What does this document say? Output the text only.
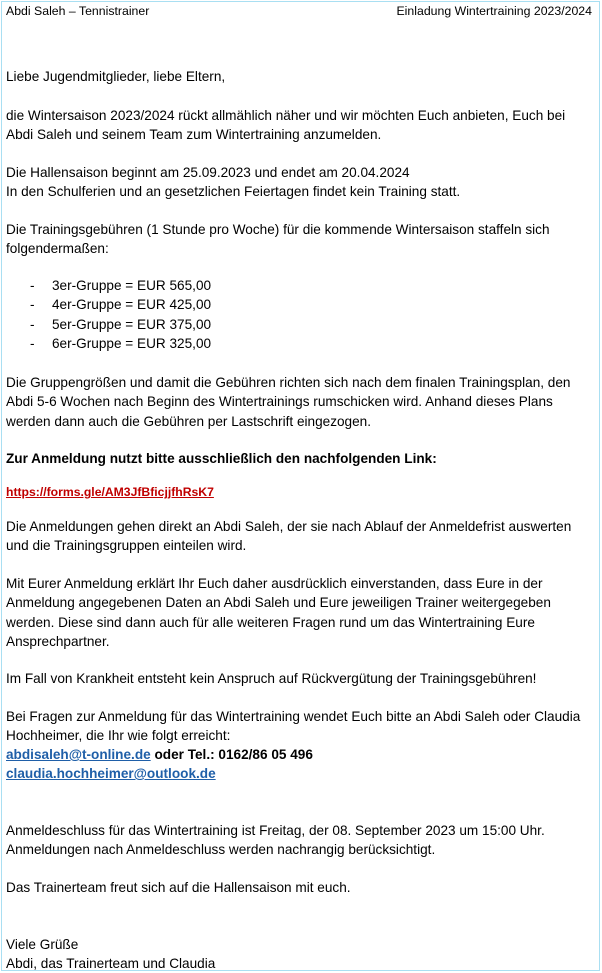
Abdi Saleh – Tennistrainer	Einladung Wintertraining 2023/2024

Liebe Jugendmitglieder, liebe Eltern,

die Wintersaison 2023/2024 rückt allmählich näher und wir möchten Euch anbieten, Euch bei Abdi Saleh und seinem Team zum Wintertraining anzumelden.

Die Hallensaison beginnt am 25.09.2023 und endet am 20.04.2024

In den Schulferien und an gesetzlichen Feiertagen findet kein Training statt.

Die Trainingsgebühren (1 Stunde pro Woche) für die kommende Wintersaison staffeln sich folgendermaßen:

- 3er-Gruppe = EUR 565,00
- 4er-Gruppe = EUR 425,00
- 5er-Gruppe = EUR 375,00
- 6er-Gruppe = EUR 325,00

Die Gruppengrößen und damit die Gebühren richten sich nach dem finalen Trainingsplan, den Abdi 5-6 Wochen nach Beginn des Wintertrainings rumschicken wird. Anhand dieses Plans werden dann auch die Gebühren per Lastschrift eingezogen.

Zur Anmeldung nutzt bitte ausschließlich den nachfolgenden Link:

https://forms.gle/AM3JfBficjjfhRsK7

Die Anmeldungen gehen direkt an Abdi Saleh, der sie nach Ablauf der Anmeldefrist auswerten und die Trainingsgruppen einteilen wird.

Mit Eurer Anmeldung erklärt Ihr Euch daher ausdrücklich einverstanden, dass Eure in der Anmeldung angegebenen Daten an Abdi Saleh und Eure jeweiligen Trainer weitergegeben werden. Diese sind dann auch für alle weiteren Fragen rund um das Wintertraining Eure Ansprechpartner.

Im Fall von Krankheit entsteht kein Anspruch auf Rückvergütung der Trainingsgebühren!

Bei Fragen zur Anmeldung für das Wintertraining wendet Euch bitte an Abdi Saleh oder Claudia Hochheimer, die Ihr wie folgt erreicht:

abdisaleh@t-online.de oder Tel.: 0162/86 05 496

claudia.hochheimer@outlook.de

Anmeldeschluss für das Wintertraining ist Freitag, der 08. September 2023 um 15:00 Uhr.

Anmeldungen nach Anmeldeschluss werden nachrangig berücksichtigt.

Das Trainerteam freut sich auf die Hallensaison mit euch.

Viele Grüße

Abdi, das Trainerteam und Claudia
